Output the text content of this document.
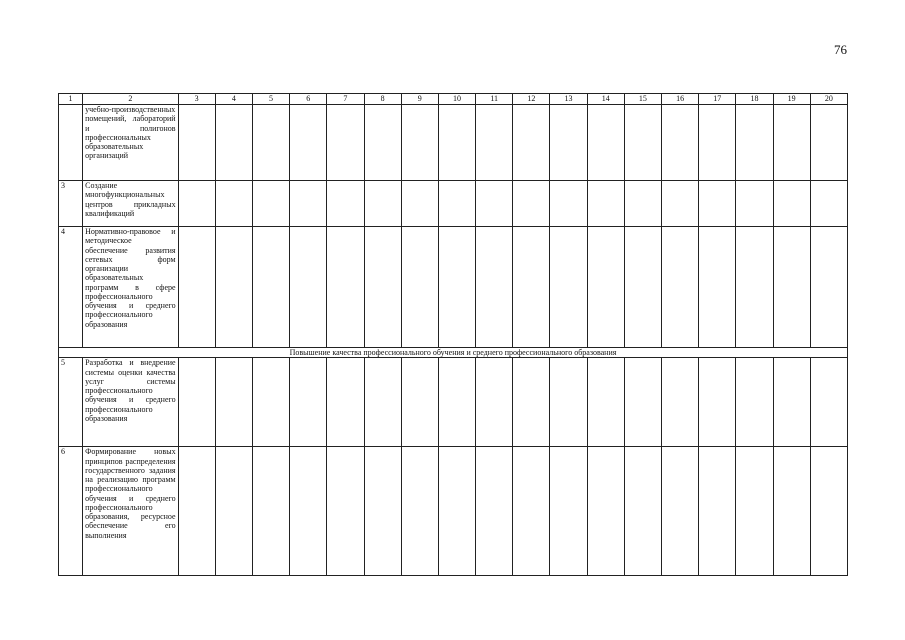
76
1	2	3	4	5	6	7	8	9	10	11	12	13	14	15	16	17	18	19	20
	учебно-производственных помещений, лабораторий и полигонов профессиональных образовательных организаций																		
3	Создание многофункциональных центров прикладных квалификаций																		
4	Нормативно-правовое и методическое обеспечение развития сетевых форм организации образовательных программ в сфере профессионального обучения и среднего профессионального образования																		
Повышение качества профессионального обучения и среднего профессионального образования																			
5	Разработка и внедрение системы оценки качества услуг системы профессионального обучения и среднего профессионального образования																		
6	Формирование новых принципов распределения государственного задания на реализацию программ профессионального обучения и среднего профессионального образования, ресурсное обеспечение его выполнения																		
